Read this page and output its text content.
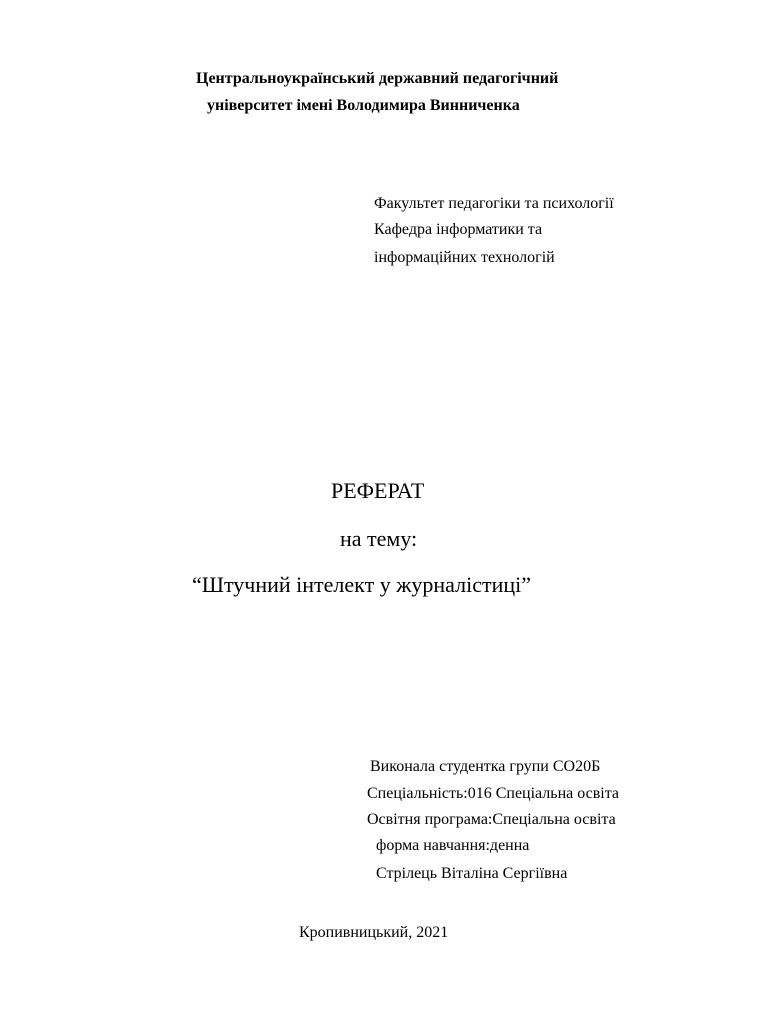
Центральноукраїнський державний педагогічний
університет імені Володимира Винниченка
Факультет педагогіки та психології
Кафедра інформатики та
інформаційних технологій
РЕФЕРАТ
на тему:
“Штучний інтелект у журналістиці”
Виконала студентка групи СО20Б
Спеціальність:016 Спеціальна освіта
Освітня програма:Спеціальна освіта
форма навчання:денна
Стрілець Віталіна Сергіївна
Кропивницький, 2021
